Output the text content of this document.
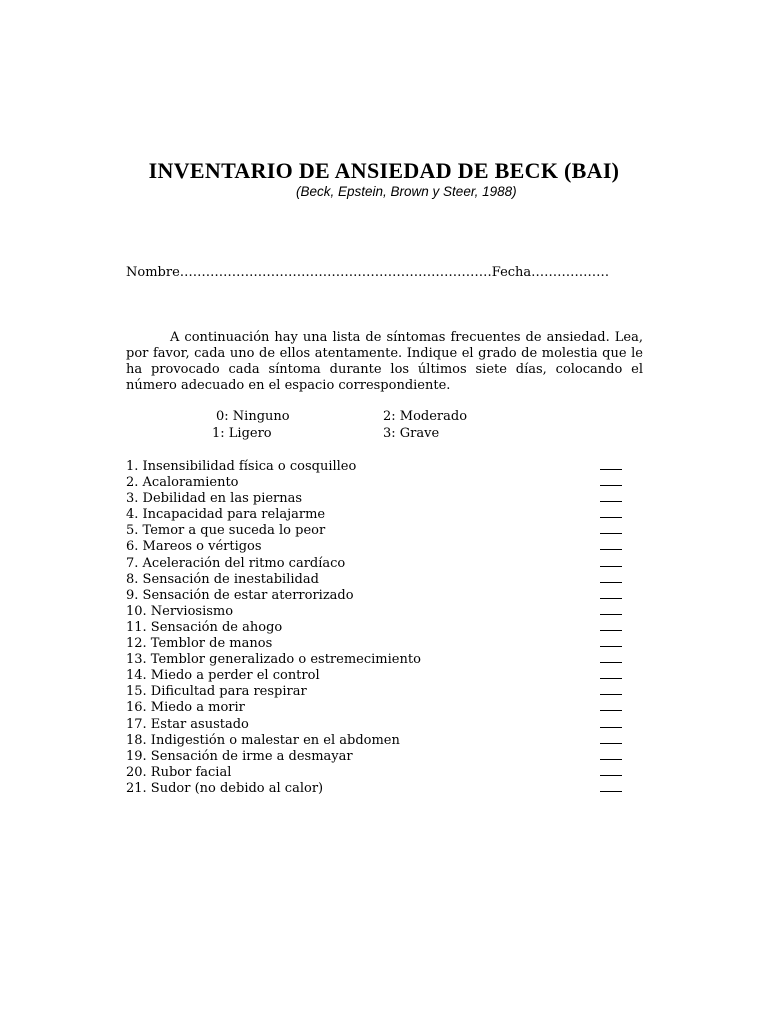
INVENTARIO DE ANSIEDAD DE BECK (BAI)
(Beck, Epstein, Brown y Steer, 1988)
Nombre………………………………………………………………Fecha………………

A continuación hay una lista de síntomas frecuentes de ansiedad. Lea, por favor, cada uno de ellos atentamente. Indique el grado de molestia que le ha provocado cada síntoma durante los últimos siete días, colocando el número adecuado en el espacio correspondiente.

0: Ninguno
1: Ligero
2: Moderado
3: Grave
1. Insensibilidad física o cosquilleo
2. Acaloramiento
3. Debilidad en las piernas
4. Incapacidad para relajarme
5. Temor a que suceda lo peor
6. Mareos o vértigos
7. Aceleración del ritmo cardíaco
8. Sensación de inestabilidad
9. Sensación de estar aterrorizado
10. Nerviosismo
11. Sensación de ahogo
12. Temblor de manos
13. Temblor generalizado o estremecimiento
14. Miedo a perder el control
15. Dificultad para respirar
16. Miedo a morir
17. Estar asustado
18. Indigestión o malestar en el abdomen
19. Sensación de irme a desmayar
20. Rubor facial
21. Sudor (no debido al calor)
